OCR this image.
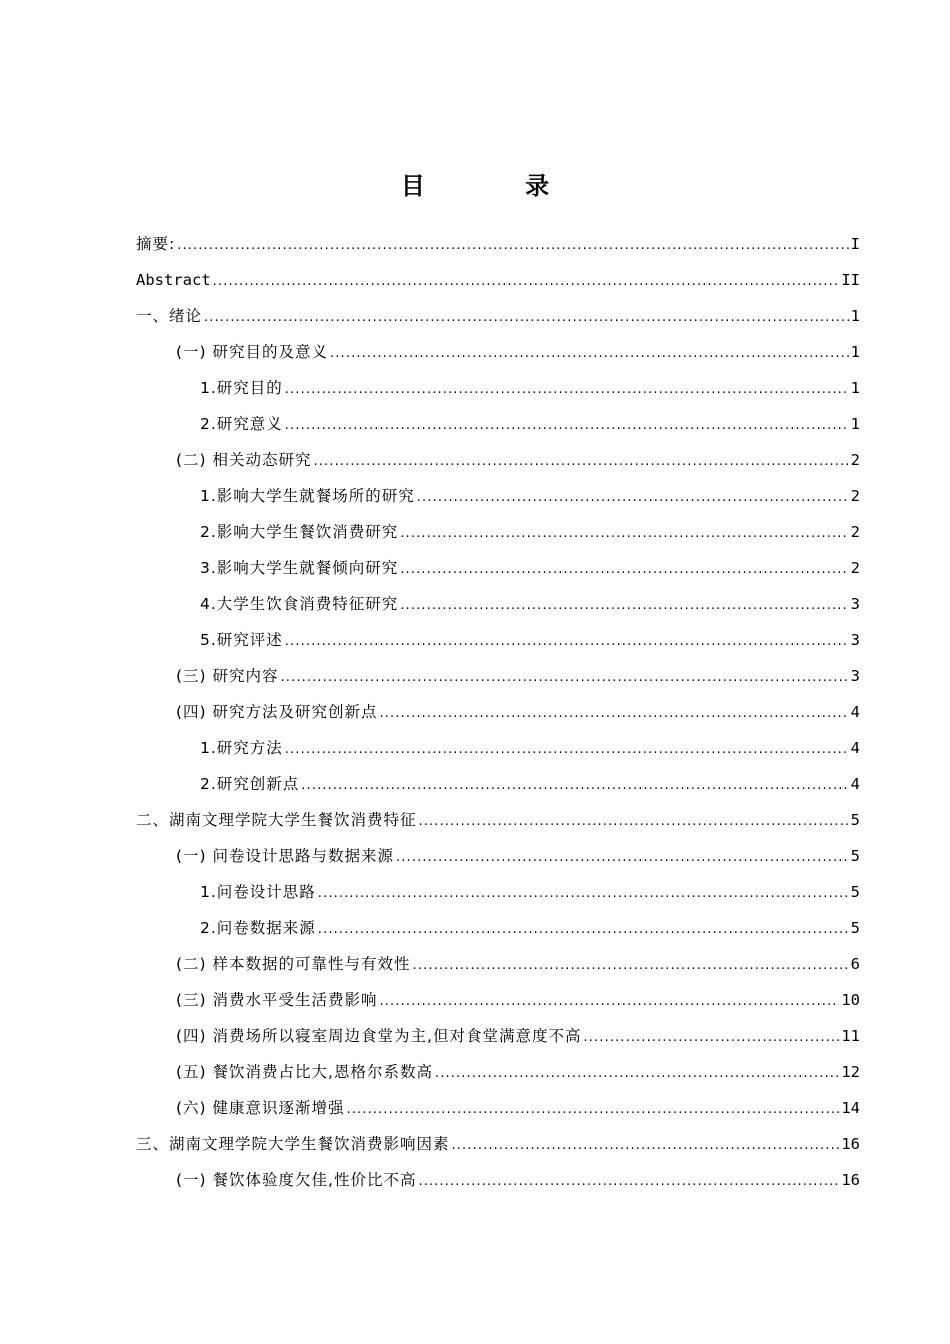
目 录
摘要: . . .	I
Abstract . . .	II
一、绪论 . . .	1
(一) 研究目的及意义 . . .	1
1.研究目的 . . .	1
2.研究意义 . . .	1
(二) 相关动态研究 . . .	2
1.影响大学生就餐场所的研究 . . .	2
2.影响大学生餐饮消费研究 . . .	2
3.影响大学生就餐倾向研究 . . .	2
4.大学生饮食消费特征研究 . . .	3
5.研究评述 . . .	3
(三) 研究内容 . . .	3
(四) 研究方法及研究创新点 . . .	4
1.研究方法 . . .	4
2.研究创新点 . . .	4
二、湖南文理学院大学生餐饮消费特征 . . .	5
(一) 问卷设计思路与数据来源 . . .	5
1.问卷设计思路 . . .	5
2.问卷数据来源 . . .	5
(二) 样本数据的可靠性与有效性 . . .	6
(三) 消费水平受生活费影响 . . .	10
(四) 消费场所以寝室周边食堂为主,但对食堂满意度不高 . . .	11
(五) 餐饮消费占比大,恩格尔系数高 . . .	12
(六) 健康意识逐渐增强 . . .	14
三、湖南文理学院大学生餐饮消费影响因素 . . .	16
(一) 餐饮体验度欠佳,性价比不高 . . .	16
